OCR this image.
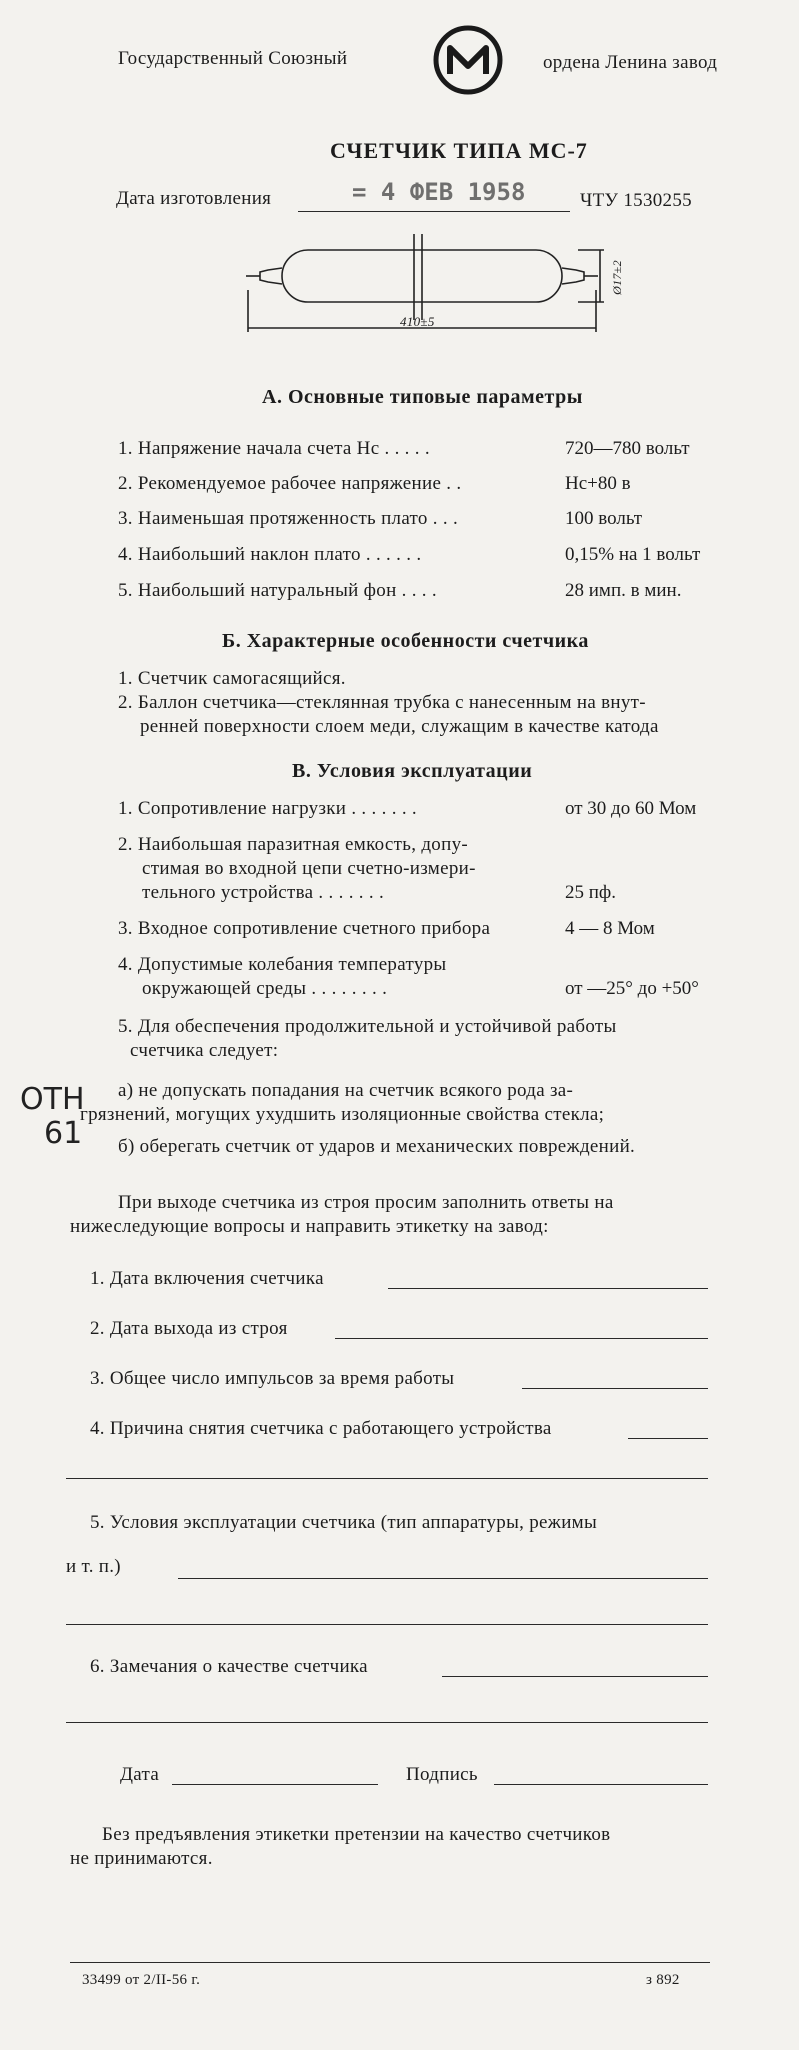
Государственный Союзный	ордена Ленина завод
СЧЕТЧИК ТИПА МС-7
Дата изготовления	= 4 ФЕВ 1958	ЧТУ 1530255
410±5
Ø17±2
А. Основные типовые параметры
1. Напряжение начала счета Нс . . . . .	720—780 вольт
2. Рекомендуемое рабочее напряжение . .	Нс+80 в
3. Наименьшая протяженность плато . . .	100 вольт
4. Наибольший наклон плато . . . . . .	0,15% на 1 вольт
5. Наибольший натуральный фон . . . .	28 имп. в мин.
Б. Характерные особенности счетчика
1. Счетчик самогасящийся.
2. Баллон счетчика—стеклянная трубка с нанесенным на внут-
ренней поверхности слоем меди, служащим в качестве катода
В. Условия эксплуатации
1. Сопротивление нагрузки . . . . . . .	от 30 до 60 Мом
2. Наибольшая паразитная емкость, допу-
стимая во входной цепи счетно-измери-
тельного устройства . . . . . . .	25 пф.
3. Входное сопротивление счетного прибора	4 — 8 Мом
4. Допустимые колебания температуры
окружающей среды . . . . . . . .	от —25° до +50°
5. Для обеспечения продолжительной и устойчивой работы
счетчика следует:
а) не допускать попадания на счетчик всякого рода за-
грязнений, могущих ухудшить изоляционные свойства стекла;
б) оберегать счетчик от ударов и механических повреждений.
ОТН
61
При выходе счетчика из строя просим заполнить ответы на
нижеследующие вопросы и направить этикетку на завод:
1. Дата включения счетчика
2. Дата выхода из строя
3. Общее число импульсов за время работы
4. Причина снятия счетчика с работающего устройства
5. Условия эксплуатации счетчика (тип аппаратуры, режимы
и т. п.)
6. Замечания о качестве счетчика
Дата	Подпись
Без предъявления этикетки претензии на качество счетчиков
не принимаются.
33499 от 2/II-56 г.	з 892
